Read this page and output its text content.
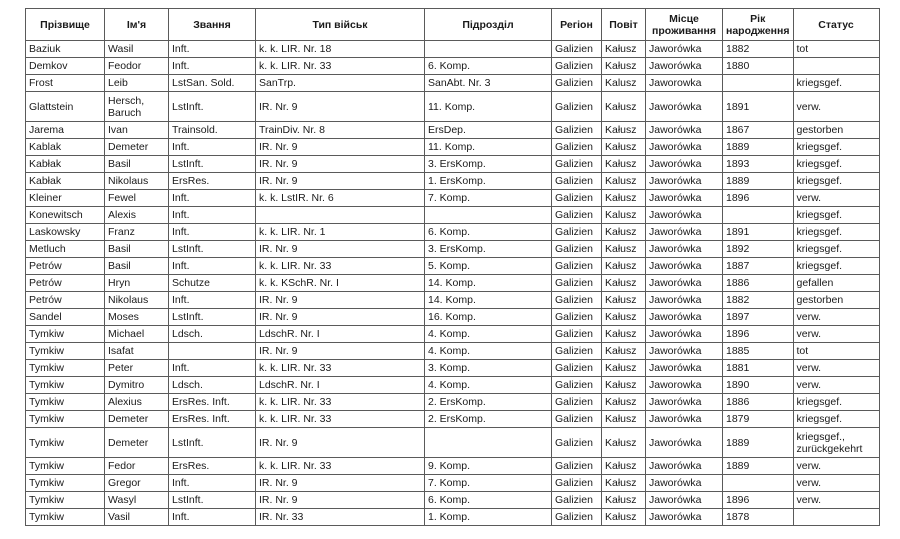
Прізвище	Ім'я	Звання	Тип військ	Підрозділ	Регіон	Повіт	Місце проживання	Рік народження	Статус
Baziuk	Wasil	Inft.	k. k. LIR. Nr. 18		Galizien	Kałusz	Jaworówka	1882	tot
Demkov	Feodor	Inft.	k. k. LIR. Nr. 33	6. Komp.	Galizien	Kałusz	Jaworówka	1880	
Frost	Leib	LstSan. Sold.	SanTrp.	SanAbt. Nr. 3	Galizien	Kalusz	Jaworowka		kriegsgef.
Glattstein	Hersch, Baruch	LstInft.	IR. Nr. 9	11. Komp.	Galizien	Kałusz	Jaworówka	1891	verw.
Jarema	Ivan	Trainsold.	TrainDiv. Nr. 8	ErsDep.	Galizien	Kałusz	Jaworówka	1867	gestorben
Kablak	Demeter	Inft.	IR. Nr. 9	11. Komp.	Galizien	Kałusz	Jaworówka	1889	kriegsgef.
Kabłak	Basil	LstInft.	IR. Nr. 9	3. ErsKomp.	Galizien	Kałusz	Jaworówka	1893	kriegsgef.
Kabłak	Nikolaus	ErsRes.	IR. Nr. 9	1. ErsKomp.	Galizien	Kalusz	Jaworówka	1889	kriegsgef.
Kleiner	Fewel	Inft.	k. k. LstIR. Nr. 6	7. Komp.	Galizien	Kałusz	Jaworówka	1896	verw.
Konewitsch	Alexis	Inft.			Galizien	Kalusz	Jaworówka		kriegsgef.
Laskowsky	Franz	Inft.	k. k. LIR. Nr. 1	6. Komp.	Galizien	Kałusz	Jaworówka	1891	kriegsgef.
Metluch	Basil	LstInft.	IR. Nr. 9	3. ErsKomp.	Galizien	Kałusz	Jaworówka	1892	kriegsgef.
Petrów	Basil	Inft.	k. k. LIR. Nr. 33	5. Komp.	Galizien	Kałusz	Jaworówka	1887	kriegsgef.
Petrów	Hryn	Schutze	k. k. KSchR. Nr. I	14. Komp.	Galizien	Kałusz	Jaworówka	1886	gefallen
Petrów	Nikolaus	Inft.	IR. Nr. 9	14. Komp.	Galizien	Kałusz	Jaworówka	1882	gestorben
Sandel	Moses	LstInft.	IR. Nr. 9	16. Komp.	Galizien	Kałusz	Jaworówka	1897	verw.
Tymkiw	Michael	Ldsch.	LdschR. Nr. I	4. Komp.	Galizien	Kałusz	Jaworówka	1896	verw.
Tymkiw	Isafat		IR. Nr. 9	4. Komp.	Galizien	Kałusz	Jaworówka	1885	tot
Tymkiw	Peter	Inft.	k. k. LIR. Nr. 33	3. Komp.	Galizien	Kałusz	Jaworówka	1881	verw.
Tymkiw	Dymitro	Ldsch.	LdschR. Nr. I	4. Komp.	Galizien	Kałusz	Jaworowka	1890	verw.
Tymkiw	Alexius	ErsRes. Inft.	k. k. LIR. Nr. 33	2. ErsKomp.	Galizien	Kałusz	Jaworówka	1886	kriegsgef.
Tymkiw	Demeter	ErsRes. Inft.	k. k. LIR. Nr. 33	2. ErsKomp.	Galizien	Kałusz	Jaworówka	1879	kriegsgef.
Tymkiw	Demeter	LstInft.	IR. Nr. 9		Galizien	Kałusz	Jaworówka	1889	kriegsgef., zurückgekehrt
Tymkiw	Fedor	ErsRes.	k. k. LIR. Nr. 33	9. Komp.	Galizien	Kałusz	Jaworówka	1889	verw.
Tymkiw	Gregor	Inft.	IR. Nr. 9	7. Komp.	Galizien	Kałusz	Jaworówka		verw.
Tymkiw	Wasyl	LstInft.	IR. Nr. 9	6. Komp.	Galizien	Kałusz	Jaworówka	1896	verw.
Tymkiw	Vasil	Inft.	IR. Nr. 33	1. Komp.	Galizien	Kałusz	Jaworówka	1878	
